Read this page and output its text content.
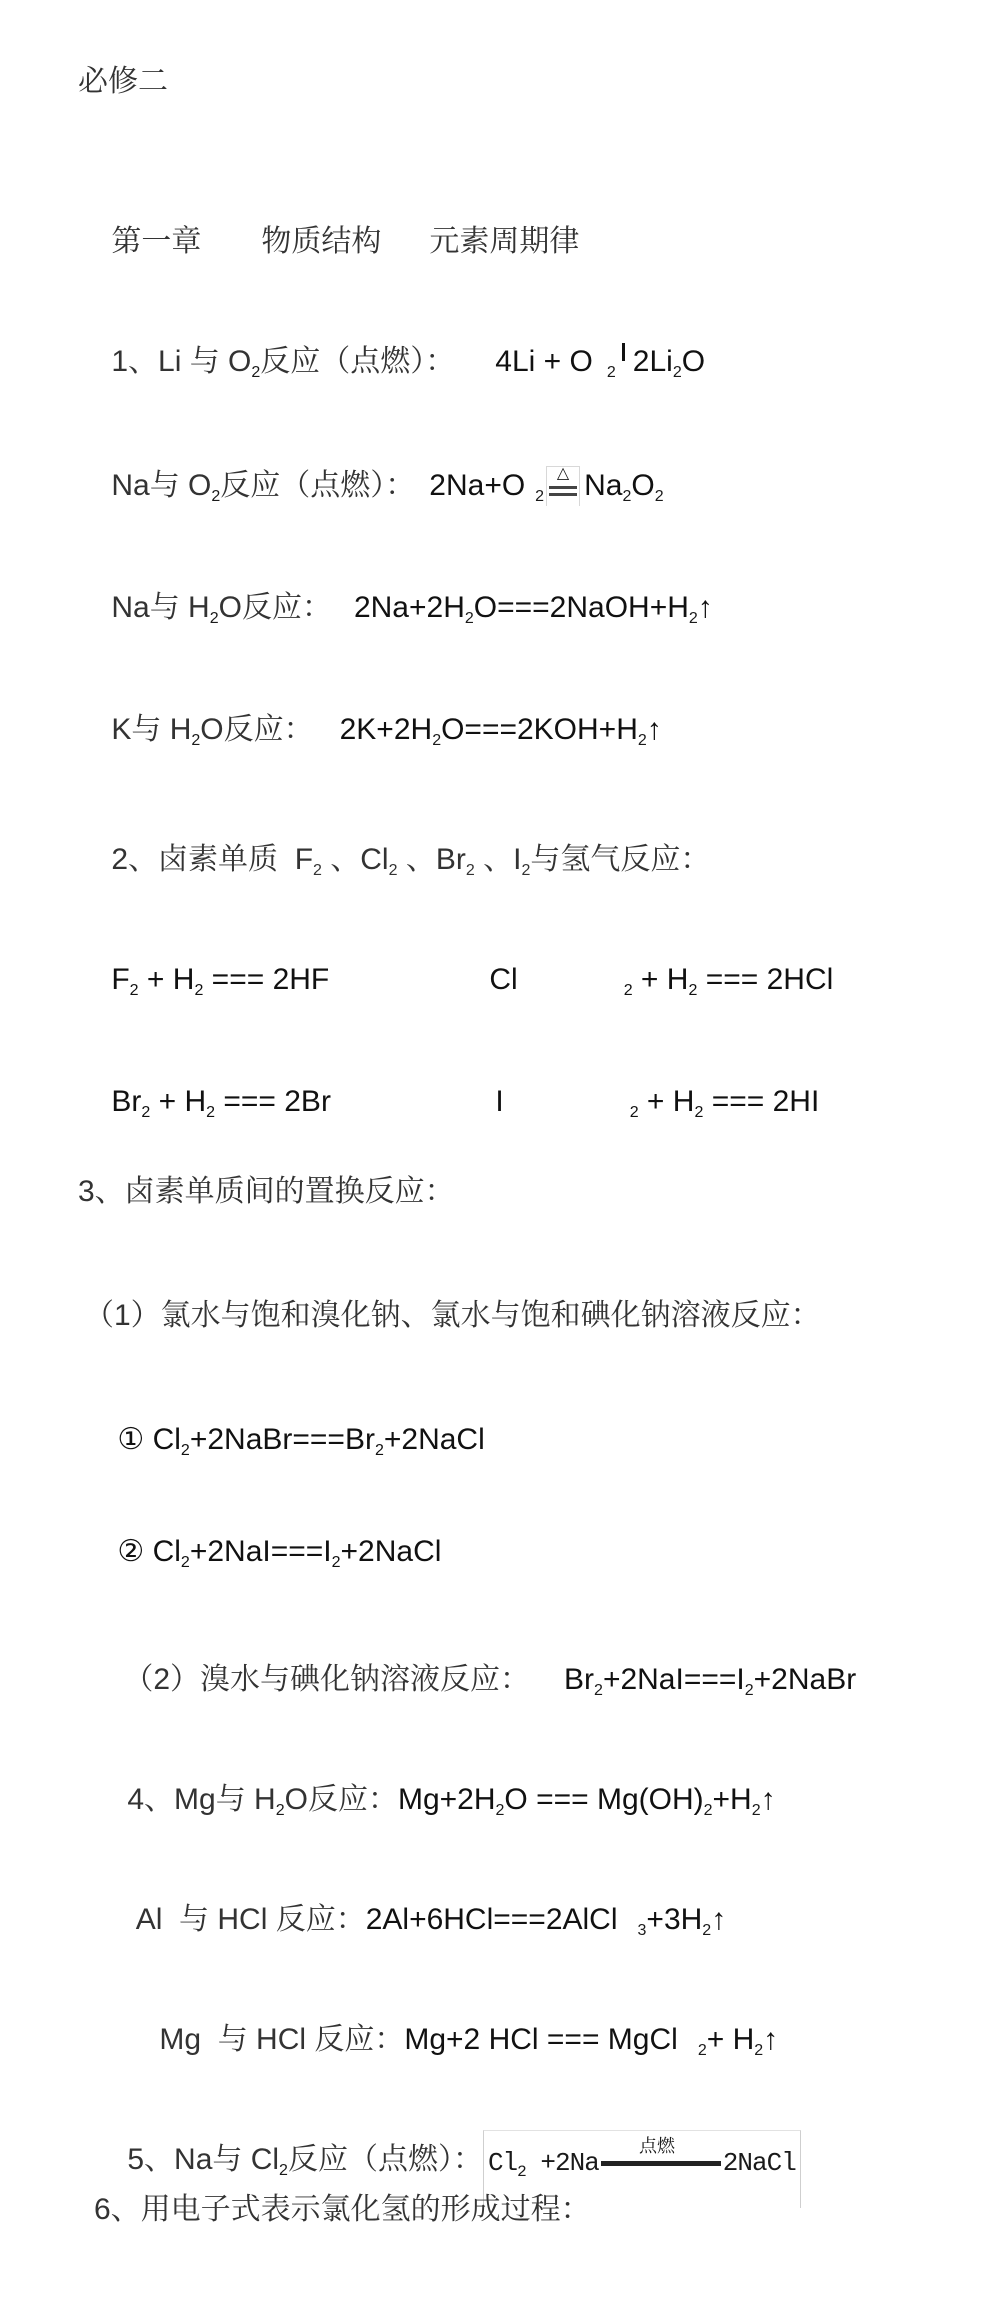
必修二

第一章 物质结构 元素周期律

1、Li 与 $O_2$反应（点燃）： 4Li + O $_2$ $2Li_2O$

Na与 $O_2$反应（点燃）： 2Na+O $_2$
△ $Na_2O_2$

Na与 $H_2O$反应： $2Na+2H_2O===2NaOH+H_2↑$

K与 $H_2O$反应： $2K+2H_2O===2KOH+H_2↑$

2、卤素单质  $F_2$ 、$Cl_2$ 、$Br_2$ 、$I_2$与氢气反应：

$F_2 + H_2$ === 2HF
	Cl	$_2 + H_2$ === 2HCl

$Br_2 + H_2$ === 2Br
	I	$_2 + H_2$ === 2HI

3、卤素单质间的置换反应：
（1）氯水与饱和溴化钠、氯水与饱和碘化钠溶液反应：

① $Cl_2+2NaBr===Br_2+2NaCl$

② $Cl_2+2NaI===I_2+2NaCl$

（2）溴水与碘化钠溶液反应： $Br_2+2NaI===I_2+2NaBr$

4、Mg与 $H_2O$反应：$Mg+2H_2O$ === $Mg(OH)_2+H_2↑$

Al  与 HCl 反应：2Al+6HCl===2AlCl $_3+3H_2↑$

Mg  与 HCl 反应：Mg+2 HCl === MgCl $_2+ H_2↑$

5、Na与 $Cl_2$反应（点燃）：	点燃
$Cl_2 +2Na$	2NaCl

6、用电子式表示氯化氢的形成过程：
